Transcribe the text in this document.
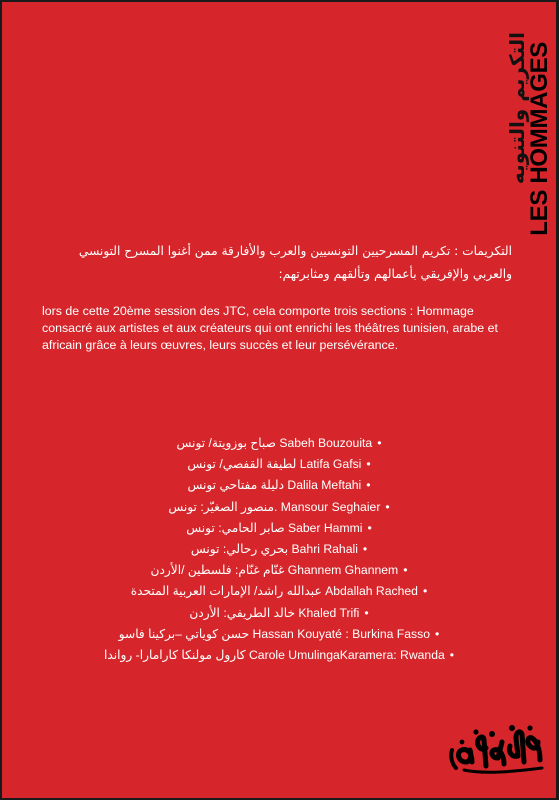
التكريم والتنويه
LES HOMMAGES
التكريمات : تكريم المسرحيين التونسيين والعرب والأفارقة ممن أغنوا المسرح التونسي والعربي والإفريقي بأعمالهم وتألقهم ومثابرتهم:
lors de cette 20ème session des JTC, cela comporte trois sections : Hommage consacré aux artistes et aux créateurs qui ont enrichi les théâtres tunisien, arabe et africain grâce à leurs œuvres, leurs succès et leur persévérance.
صباح بوزويتة/ تونس Sabeh Bouzouita •
لطيفة القفصي/ تونس Latifa Gafsi •
دليلة مفتاحي تونس Dalila Meftahi •
منصور الصغيّر: تونس. Mansour Seghaier •
صابر الحامي: تونس Saber Hammi •
بحري رحالي: تونس Bahri Rahali •
غنّام غنّام: فلسطين /الأردن Ghannem Ghannem •
عبدالله راشد/ الإمارات العربية المتحدة Abdallah Rached •
خالد الطريفي: الأردن Khaled Trifi •
حسن كوياتي –بركينا فاسو Hassan Kouyaté : Burkina Fasso •
كارول مولنكا كارامارا- رواندا Carole UmulingaKaramera: Rwanda •
